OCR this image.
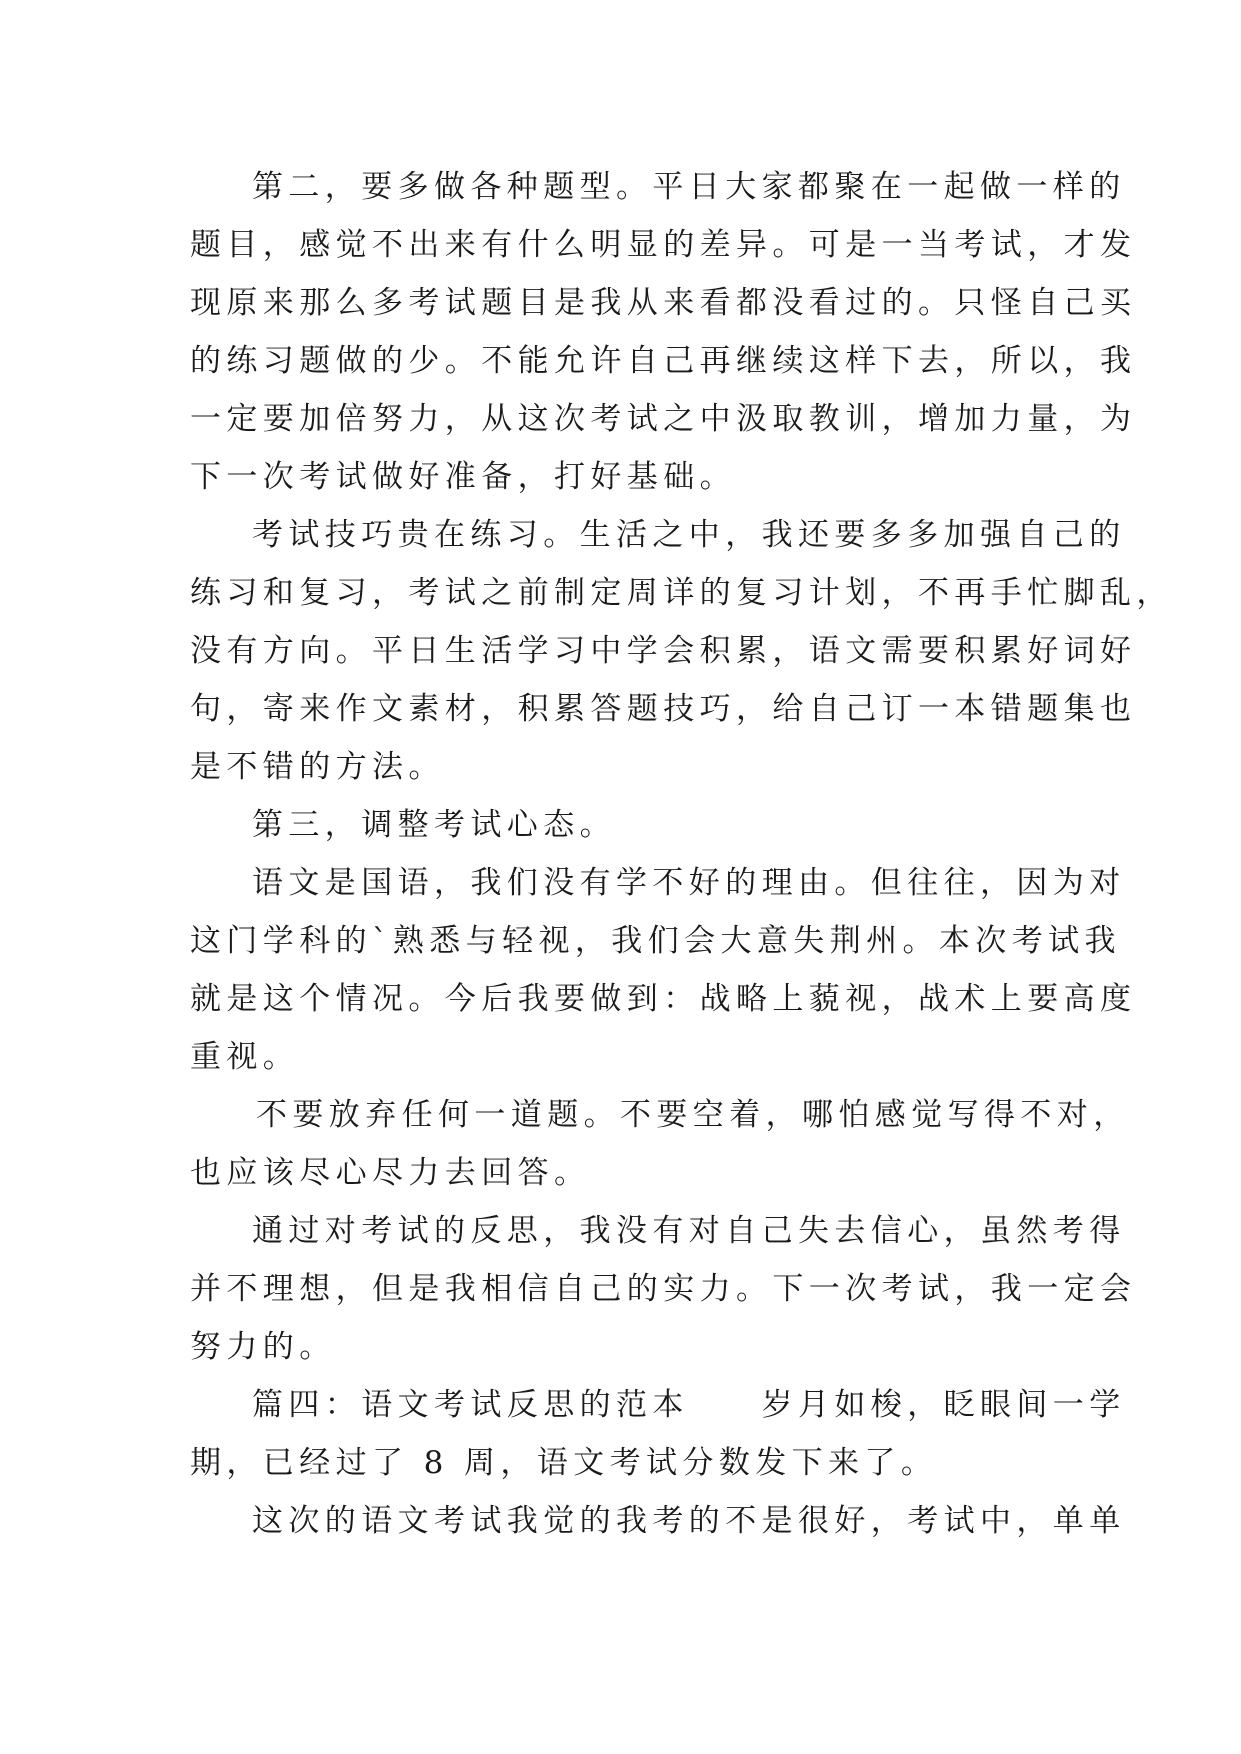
第二，要多做各种题型。平日大家都聚在一起做一样的
题目，感觉不出来有什么明显的差异。可是一当考试，才发
现原来那么多考试题目是我从来看都没看过的。只怪自己买
的练习题做的少。不能允许自己再继续这样下去，所以，我
一定要加倍努力，从这次考试之中汲取教训，增加力量，为
下一次考试做好准备，打好基础。
考试技巧贵在练习。生活之中，我还要多多加强自己的
练习和复习，考试之前制定周详的复习计划，不再手忙脚乱，
没有方向。平日生活学习中学会积累，语文需要积累好词好
句，寄来作文素材，积累答题技巧，给自己订一本错题集也
是不错的方法。
第三，调整考试心态。
语文是国语，我们没有学不好的理由。但往往，因为对
这门学科的`熟悉与轻视，我们会大意失荆州。本次考试我
就是这个情况。今后我要做到：战略上藐视，战术上要高度
重视。
不要放弃任何一道题。不要空着，哪怕感觉写得不对，
也应该尽心尽力去回答。
通过对考试的反思，我没有对自己失去信心，虽然考得
并不理想，但是我相信自己的实力。下一次考试，我一定会
努力的。
篇四：语文考试反思的范本　　岁月如梭，眨眼间一学
期，已经过了 8 周，语文考试分数发下来了。
这次的语文考试我觉的我考的不是很好，考试中，单单
